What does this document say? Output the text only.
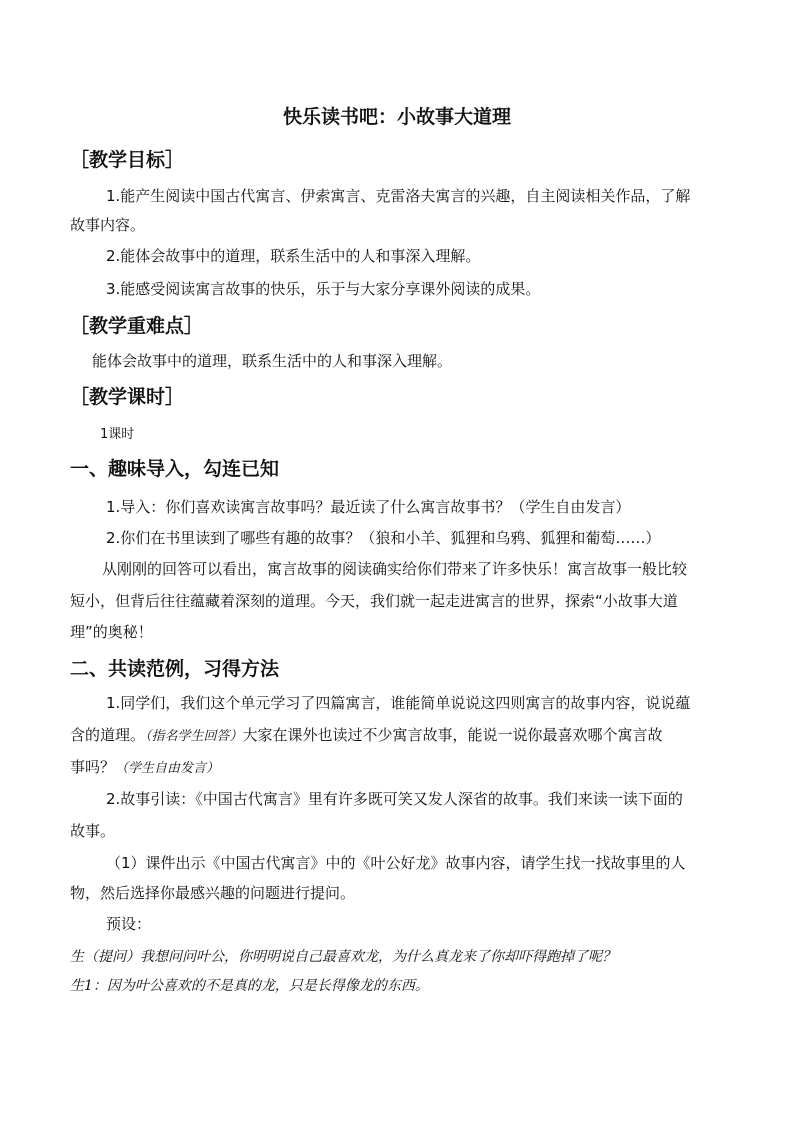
快乐读书吧：小故事大道理
［教学目标］
1.能产生阅读中国古代寓言、伊索寓言、克雷洛夫寓言的兴趣，自主阅读相关作品，了解
故事内容。
2.能体会故事中的道理，联系生活中的人和事深入理解。
3.能感受阅读寓言故事的快乐，乐于与大家分享课外阅读的成果。
［教学重难点］
能体会故事中的道理，联系生活中的人和事深入理解。
［教学课时］
1课时
一、趣味导入，勾连已知
1.导入：你们喜欢读寓言故事吗？最近读了什么寓言故事书？（学生自由发言）
2.你们在书里读到了哪些有趣的故事？（狼和小羊、狐狸和乌鸦、狐狸和葡萄……）
从刚刚的回答可以看出，寓言故事的阅读确实给你们带来了许多快乐！寓言故事一般比较
短小，但背后往往蕴藏着深刻的道理。今天，我们就一起走进寓言的世界，探索“小故事大道
理”的奥秘！
二、共读范例，习得方法
1.同学们，我们这个单元学习了四篇寓言，谁能简单说说这四则寓言的故事内容，说说蕴
含的道理。（指名学生回答）大家在课外也读过不少寓言故事，能说一说你最喜欢哪个寓言故
事吗？（学生自由发言）
2.故事引读：《中国古代寓言》里有许多既可笑又发人深省的故事。我们来读一读下面的
故事。
（1）课件出示《中国古代寓言》中的《叶公好龙》故事内容，请学生找一找故事里的人
物，然后选择你最感兴趣的问题进行提问。
预设：
生（提问）我想问问叶公，你明明说自己最喜欢龙，为什么真龙来了你却吓得跑掉了呢？
生1：因为叶公喜欢的不是真的龙，只是长得像龙的东西。
